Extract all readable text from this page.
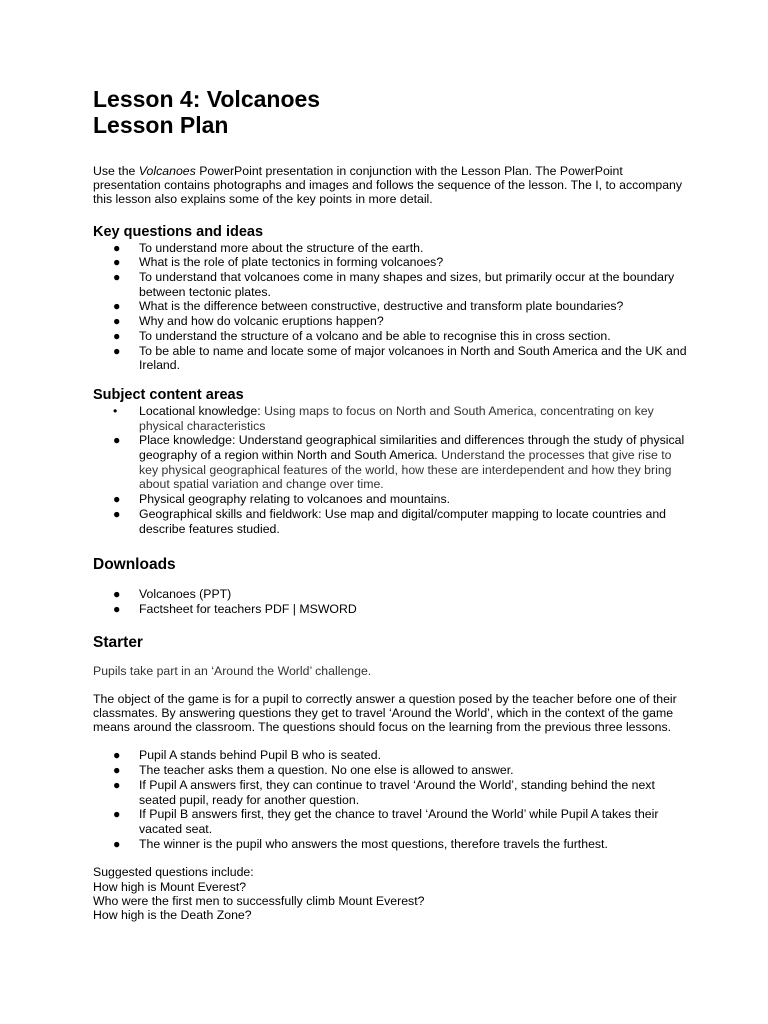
Lesson 4: Volcanoes
Lesson Plan

Use the Volcanoes PowerPoint presentation in conjunction with the Lesson Plan. The PowerPoint presentation contains photographs and images and follows the sequence of the lesson. The I, to accompany this lesson also explains some of the key points in more detail.

Key questions and ideas
● To understand more about the structure of the earth.
● What is the role of plate tectonics in forming volcanoes?
● To understand that volcanoes come in many shapes and sizes, but primarily occur at the boundary between tectonic plates.
● What is the difference between constructive, destructive and transform plate boundaries?
● Why and how do volcanic eruptions happen?
● To understand the structure of a volcano and be able to recognise this in cross section.
● To be able to name and locate some of major volcanoes in North and South America and the UK and Ireland.
Subject content areas
•	Locational knowledge: Using maps to focus on North and South America, concentrating on key physical characteristics
● Place knowledge: Understand geographical similarities and differences through the study of physical geography of a region within North and South America. Understand the processes that give rise to key physical geographical features of the world, how these are interdependent and how they bring about spatial variation and change over time.
● Physical geography relating to volcanoes and mountains.
● Geographical skills and fieldwork: Use map and digital/computer mapping to locate countries and describe features studied.
Downloads
● Volcanoes (PPT)
● Factsheet for teachers PDF | MSWORD
Starter

Pupils take part in an ‘Around the World’ challenge.

The object of the game is for a pupil to correctly answer a question posed by the teacher before one of their classmates. By answering questions they get to travel ‘Around the World’, which in the context of the game means around the classroom. The questions should focus on the learning from the previous three lessons.

● Pupil A stands behind Pupil B who is seated.
● The teacher asks them a question. No one else is allowed to answer.
● If Pupil A answers first, they can continue to travel ‘Around the World’, standing behind the next seated pupil, ready for another question.
● If Pupil B answers first, they get the chance to travel ‘Around the World’ while Pupil A takes their vacated seat.
● The winner is the pupil who answers the most questions, therefore travels the furthest.

Suggested questions include:

How high is Mount Everest?

Who were the first men to successfully climb Mount Everest?

How high is the Death Zone?
